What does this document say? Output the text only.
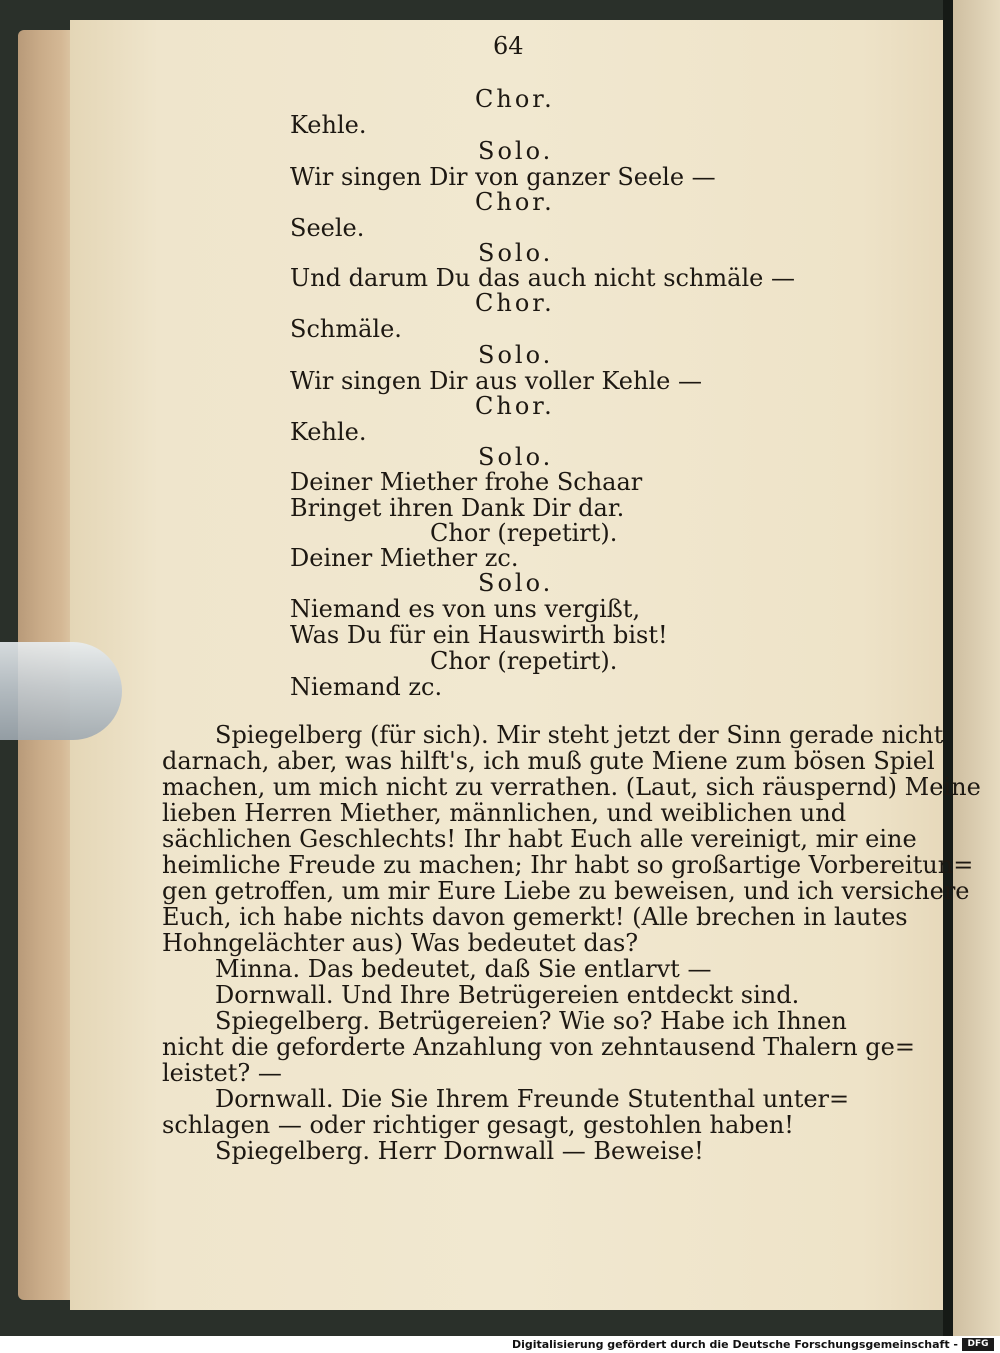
64
Chor.
Kehle.
Solo.
Wir singen Dir von ganzer Seele —
Chor.
Seele.
Solo.
Und darum Du das auch nicht schmäle —
Chor.
Schmäle.
Solo.
Wir singen Dir aus voller Kehle —
Chor.
Kehle.
Solo.
Deiner Miether frohe Schaar
Bringet ihren Dank Dir dar.
Chor (repetirt).
Deiner Miether zc.
Solo.
Niemand es von uns vergißt,
Was Du für ein Hauswirth bist!
Chor (repetirt).
Niemand zc.
Spiegelberg (für sich). Mir steht jetzt der Sinn gerade nicht
darnach, aber, was hilft's, ich muß gute Miene zum bösen Spiel
machen, um mich nicht zu verrathen. (Laut, sich räuspernd) Meine
lieben Herren Miether, männlichen, und weiblichen und
sächlichen Geschlechts! Ihr habt Euch alle vereinigt, mir eine
heimliche Freude zu machen; Ihr habt so großartige Vorbereitun=
gen getroffen, um mir Eure Liebe zu beweisen, und ich versichere
Euch, ich habe nichts davon gemerkt! (Alle brechen in lautes
Hohngelächter aus) Was bedeutet das?
Minna. Das bedeutet, daß Sie entlarvt —
Dornwall. Und Ihre Betrügereien entdeckt sind.
Spiegelberg. Betrügereien? Wie so? Habe ich Ihnen
nicht die geforderte Anzahlung von zehntausend Thalern ge=
leistet? —
Dornwall. Die Sie Ihrem Freunde Stutenthal unter=
schlagen — oder richtiger gesagt, gestohlen haben!
Spiegelberg. Herr Dornwall — Beweise!
Digitalisierung gefördert durch die Deutsche Forschungsgemeinschaft -	DFG
